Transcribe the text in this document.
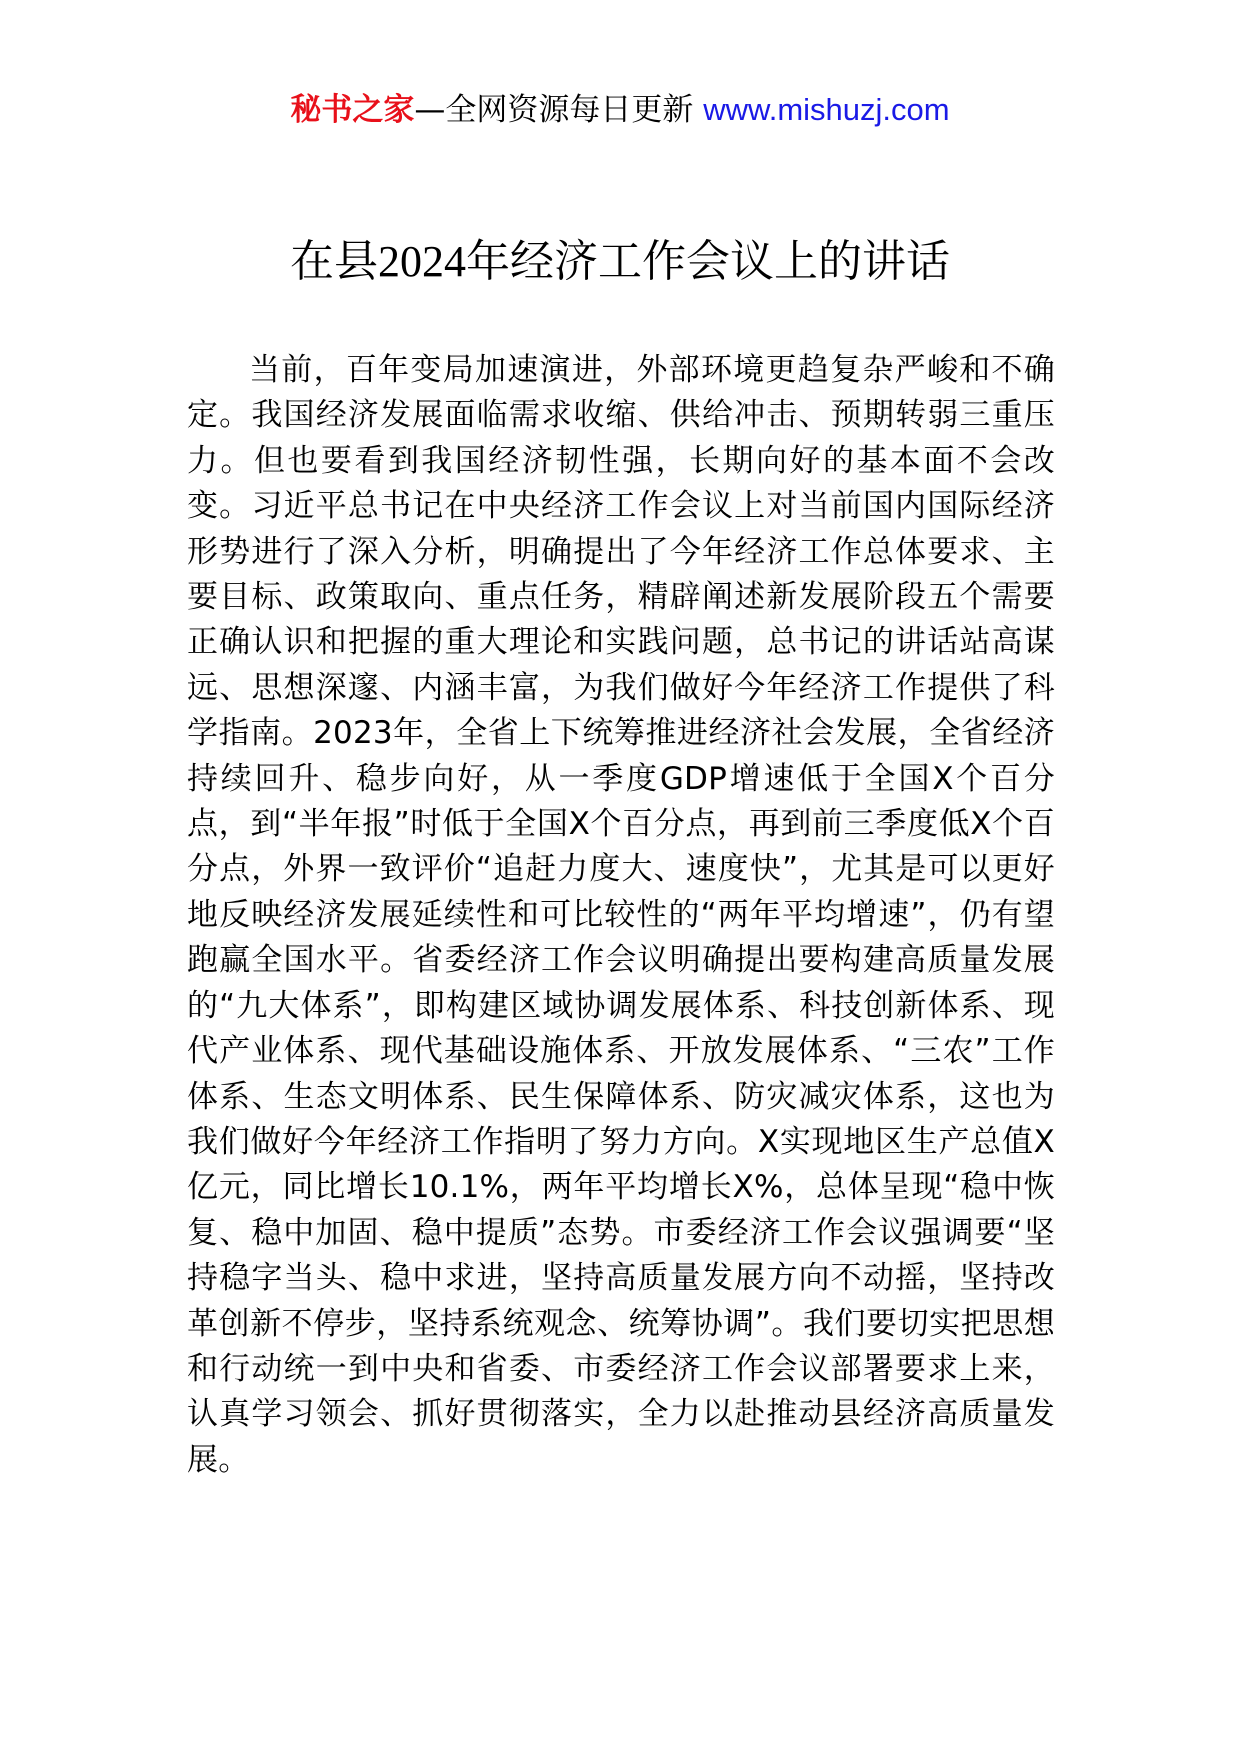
秘书之家—全网资源每日更新 www.mishuzj.com
在县2024年经济工作会议上的讲话

当前，百年变局加速演进，外部环境更趋复杂严峻和不确定。我国经济发展面临需求收缩、供给冲击、预期转弱三重压力。但也要看到我国经济韧性强，长期向好的基本面不会改变。习近平总书记在中央经济工作会议上对当前国内国际经济形势进行了深入分析，明确提出了今年经济工作总体要求、主要目标、政策取向、重点任务，精辟阐述新发展阶段五个需要正确认识和把握的重大理论和实践问题，总书记的讲话站高谋远、思想深邃、内涵丰富，为我们做好今年经济工作提供了科学指南。2023年，全省上下统筹推进经济社会发展，全省经济持续回升、稳步向好，从一季度GDP增速低于全国X个百分点，到“半年报”时低于全国X个百分点，再到前三季度低X个百分点，外界一致评价“追赶力度大、速度快”，尤其是可以更好地反映经济发展延续性和可比较性的“两年平均增速”，仍有望跑赢全国水平。省委经济工作会议明确提出要构建高质量发展的“九大体系”，即构建区域协调发展体系、科技创新体系、现代产业体系、现代基础设施体系、开放发展体系、“三农”工作体系、生态文明体系、民生保障体系、防灾减灾体系，这也为我们做好今年经济工作指明了努力方向。X实现地区生产总值X亿元，同比增长10.1%，两年平均增长X%，总体呈现“稳中恢复、稳中加固、稳中提质”态势。市委经济工作会议强调要“坚持稳字当头、稳中求进，坚持高质量发展方向不动摇，坚持改革创新不停步，坚持系统观念、统筹协调”。我们要切实把思想和行动统一到中央和省委、市委经济工作会议部署要求上来，认真学习领会、抓好贯彻落实，全力以赴推动县经济高质量发展。
